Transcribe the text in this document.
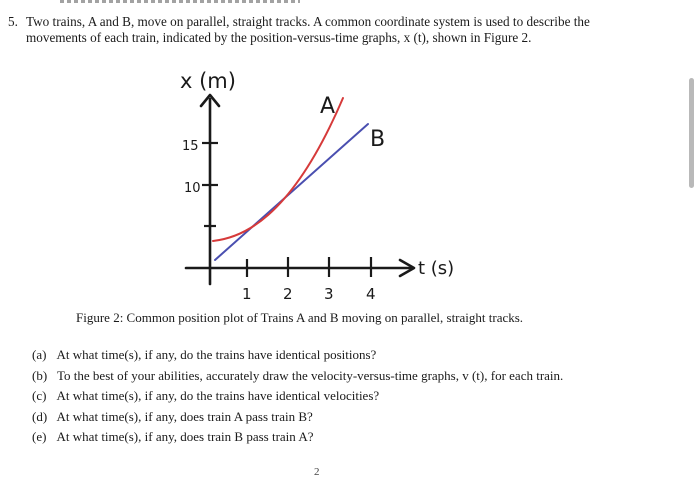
5. Two trains, A and B, move on parallel, straight tracks. A common coordinate system is used to describe the
movements of each train, indicated by the position-versus-time graphs, x (t), shown in Figure 2.
x (m)
t (s)
15
10
1 2 3 4
A
B
Figure 2: Common position plot of Trains A and B moving on parallel, straight tracks.
(a) At what time(s), if any, do the trains have identical positions?
(b) To the best of your abilities, accurately draw the velocity-versus-time graphs, v (t), for each train.
(c) At what time(s), if any, do the trains have identical velocities?
(d) At what time(s), if any, does train A pass train B?
(e) At what time(s), if any, does train B pass train A?
2
